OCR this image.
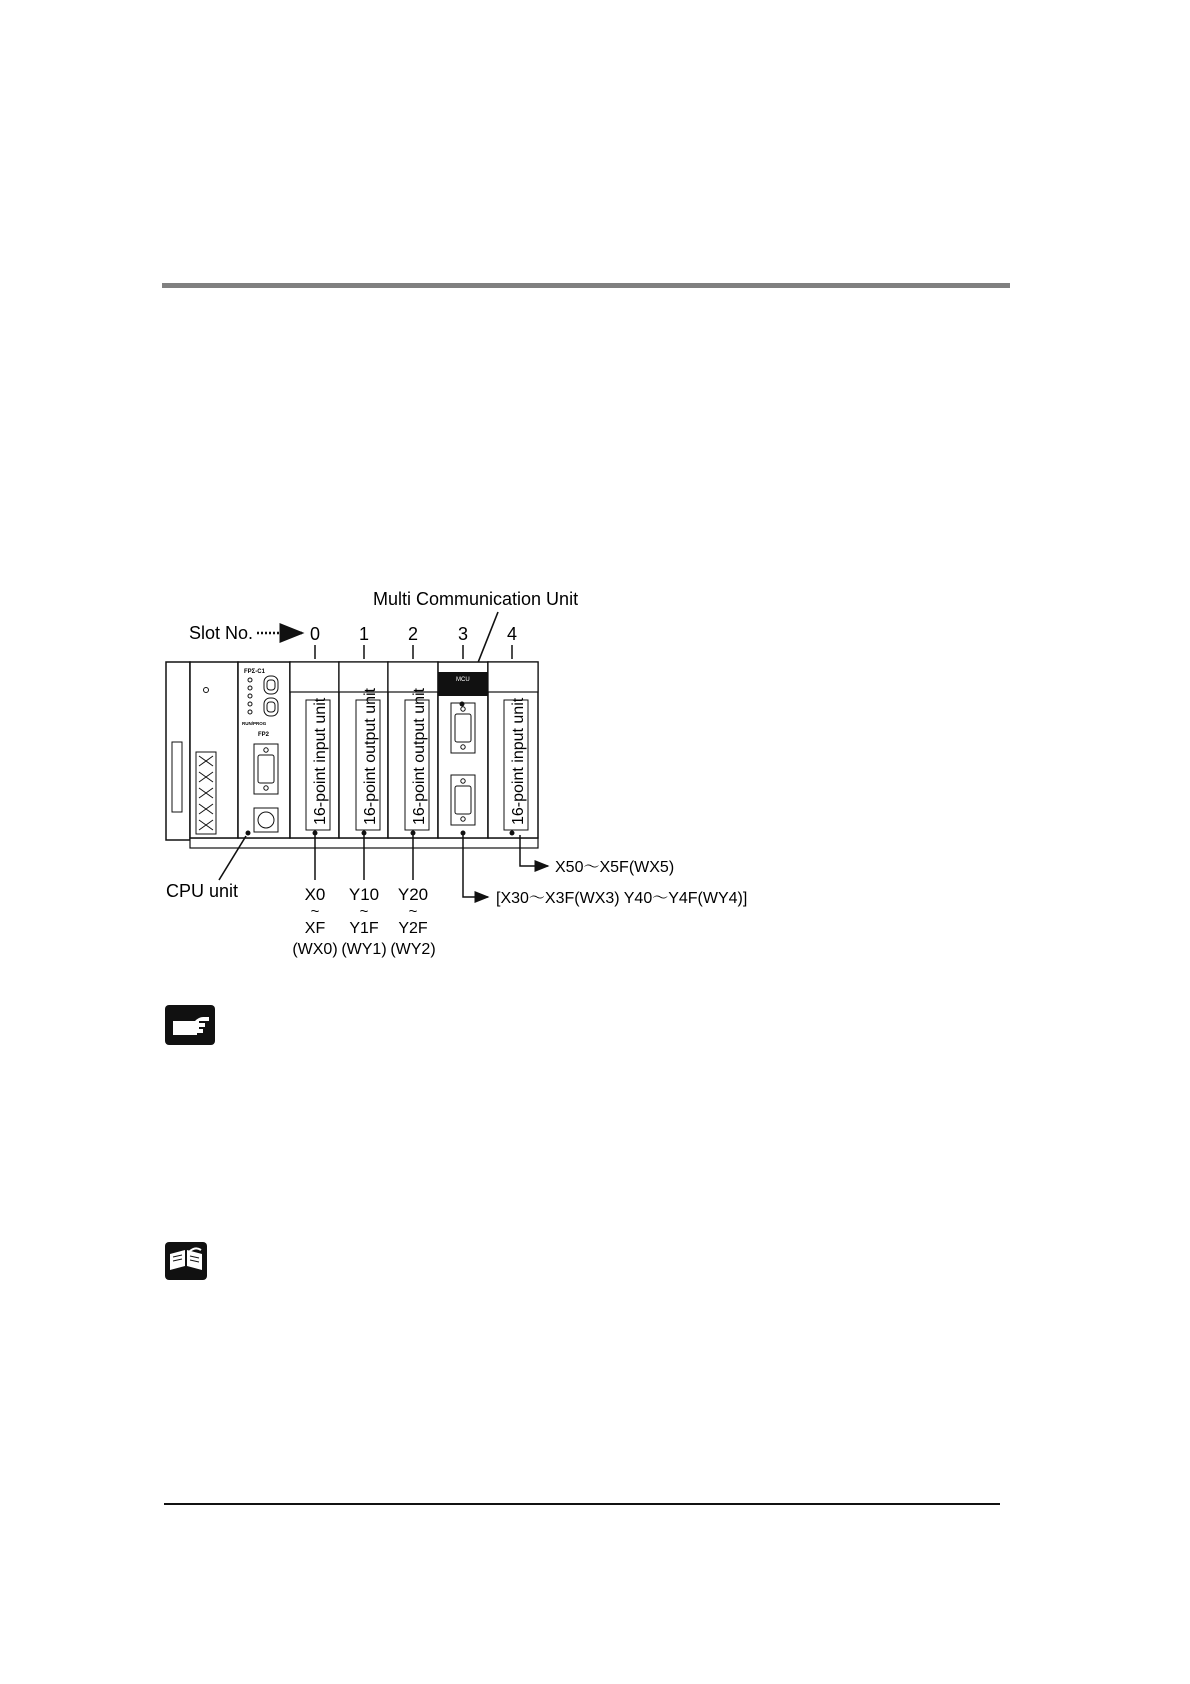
Multi Communication Unit
Slot No.	0 1 2 3 4
FPΣ-C1
RUN/PROG
FP2
CPU unit
16-point input unit 16-point output unit 16-point output unit
MCU
16-point input unit
X0
~
XF
(WX0)
Y10
~
Y1F
(WY1)
Y20
~
Y2F
(WY2)
X50～X5F(WX5)
[X30～X3F(WX3) Y40～Y4F(WY4)]
